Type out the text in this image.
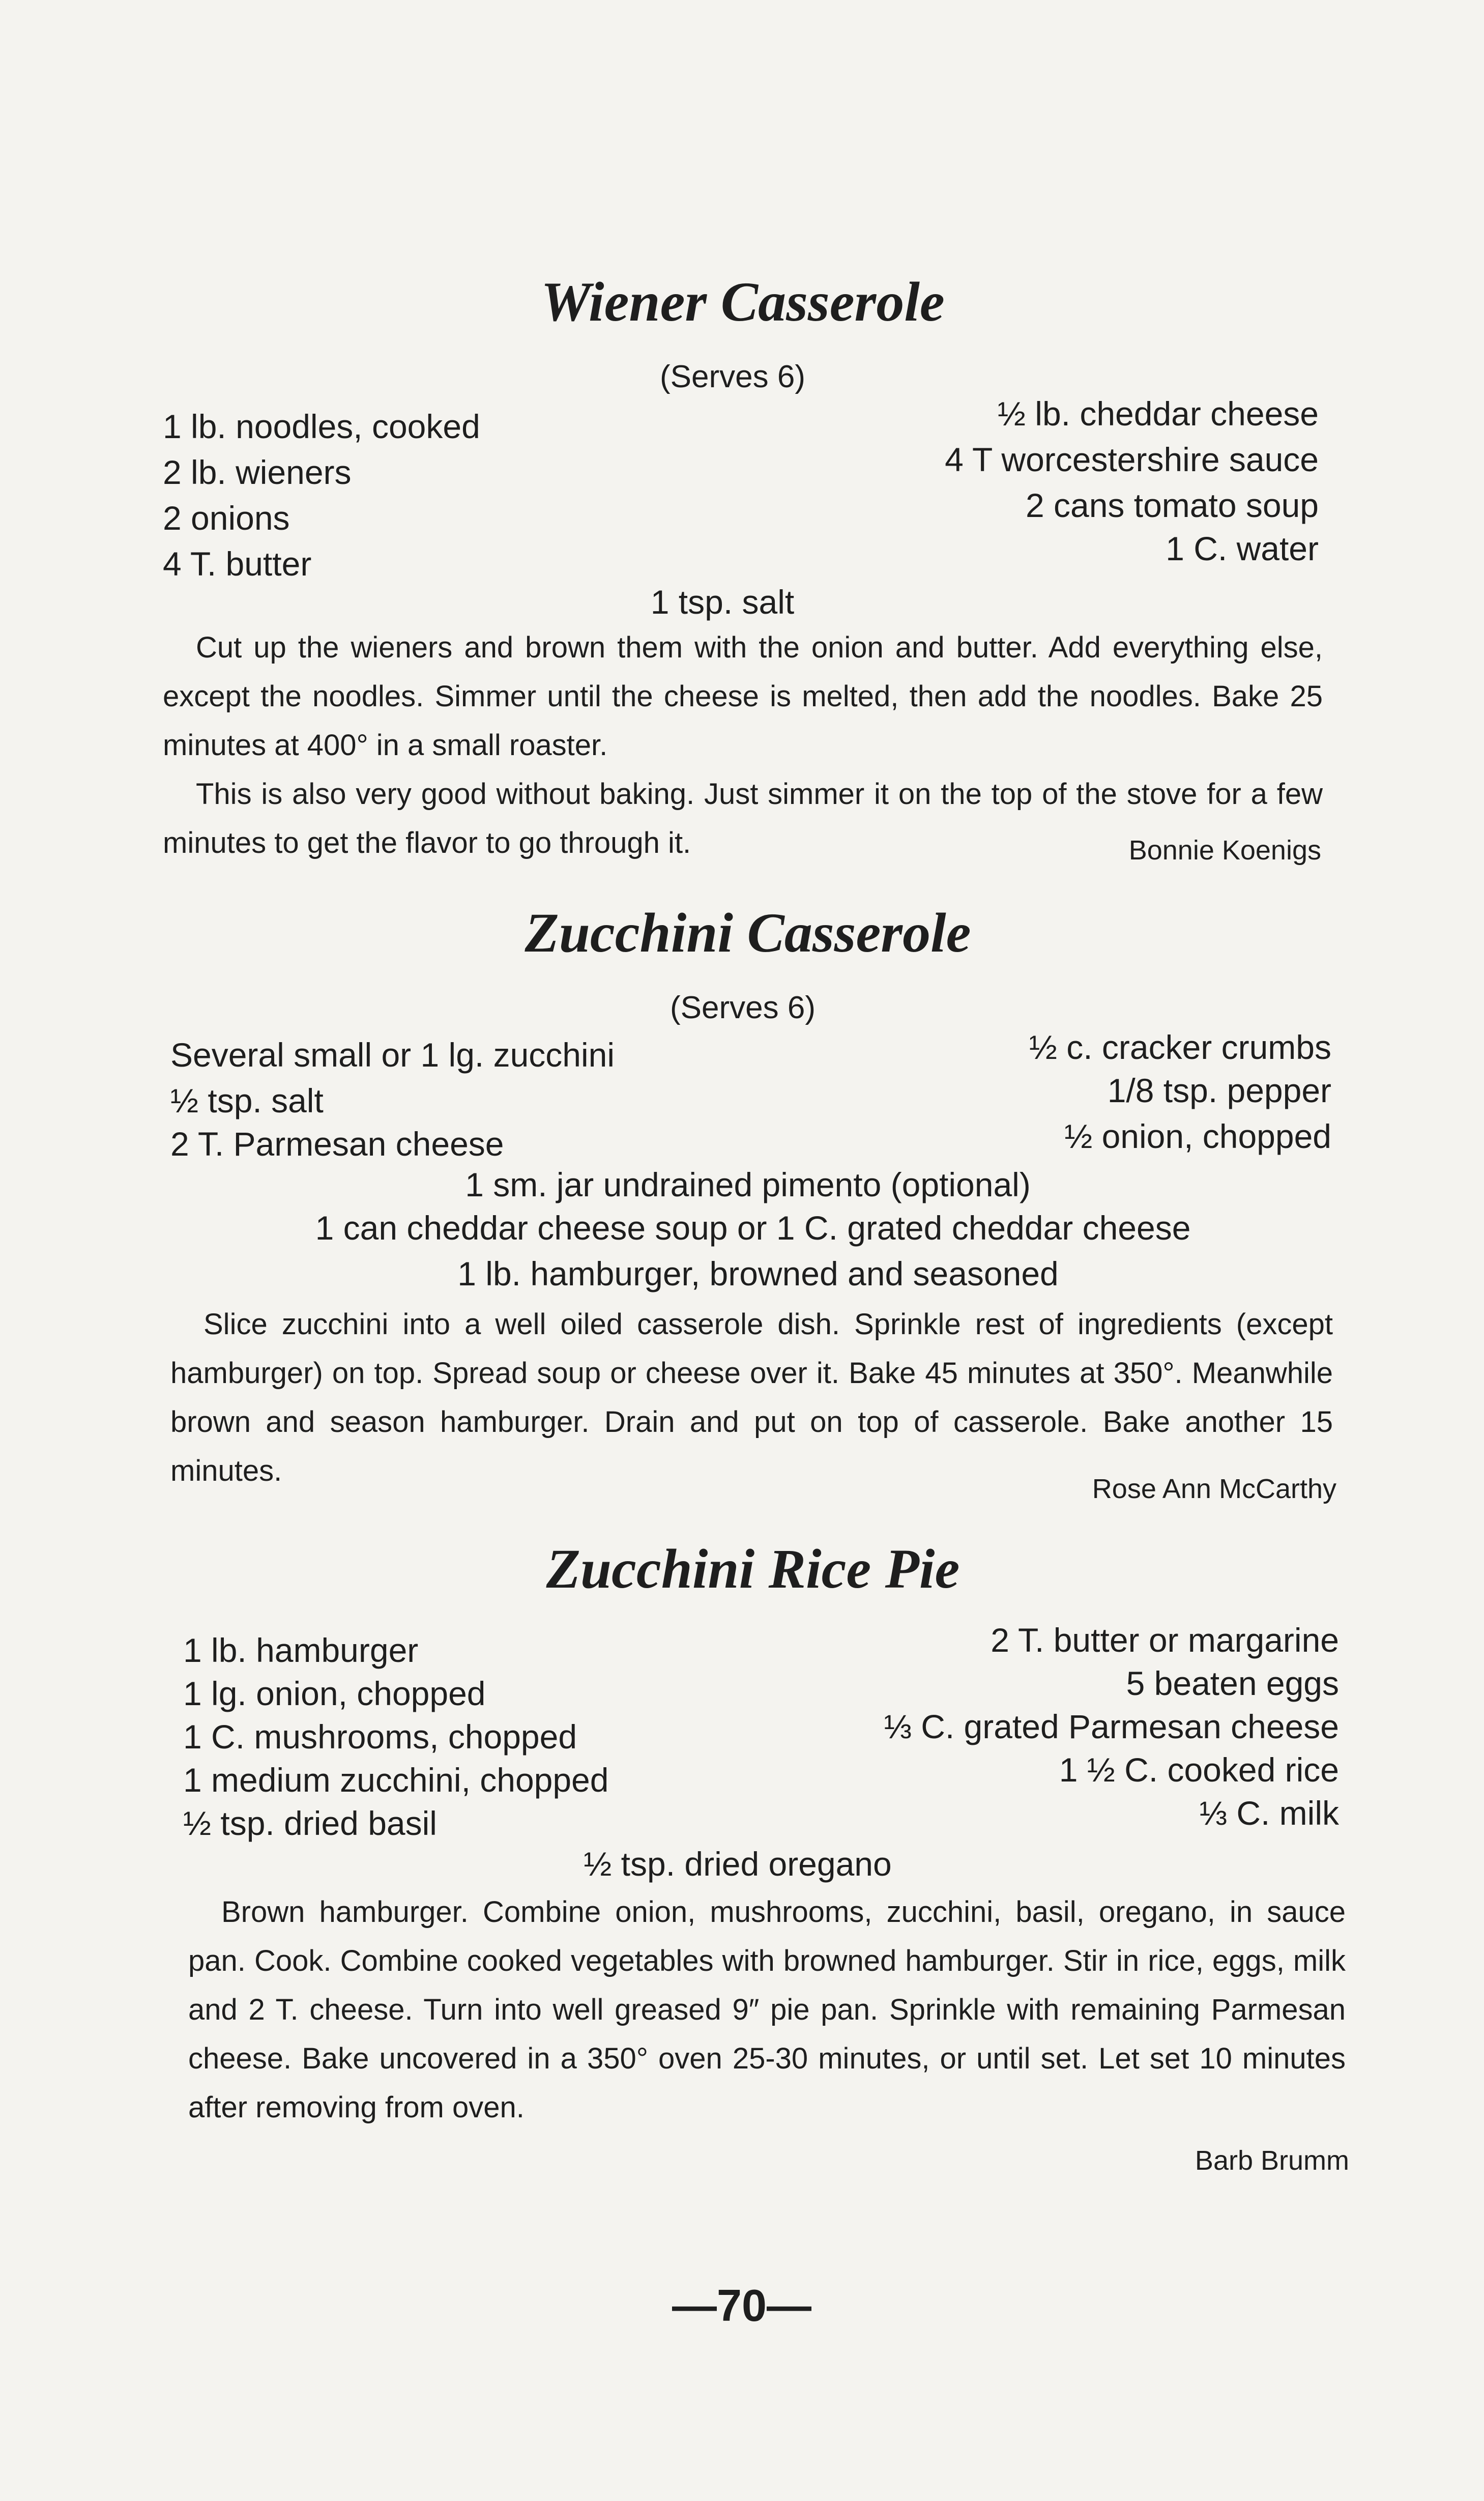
Wiener Casserole
(Serves 6)
1 lb. noodles, cooked
2 lb. wieners
2 onions
4 T. butter
½ lb. cheddar cheese
4 T worcestershire sauce
2 cans tomato soup
1 C. water
1 tsp. salt

Cut up the wieners and brown them with the onion and butter. Add everything else, except the noodles. Simmer until the cheese is melted, then add the noodles. Bake 25 minutes at 400° in a small roaster.

This is also very good without baking. Just simmer it on the top of the stove for a few minutes to get the flavor to go through it.	Bonnie Koenigs
Zucchini Casserole
(Serves 6)
Several small or 1 lg. zucchini
½ tsp. salt
2 T. Parmesan cheese
½ c. cracker crumbs
1/8 tsp. pepper
½ onion, chopped
1 sm. jar undrained pimento (optional)
1 can cheddar cheese soup or 1 C. grated cheddar cheese
1 lb. hamburger, browned and seasoned

Slice zucchini into a well oiled casserole dish. Sprinkle rest of ingredients (except hamburger) on top. Spread soup or cheese over it. Bake 45 minutes at 350°. Meanwhile brown and season hamburger. Drain and put on top of casserole. Bake another 15 minutes.

Rose Ann McCarthy
Zucchini Rice Pie
1 lb. hamburger
1 lg. onion, chopped
1 C. mushrooms, chopped
1 medium zucchini, chopped
½ tsp. dried basil
2 T. butter or margarine
5 beaten eggs
⅓ C. grated Parmesan cheese
1 ½ C. cooked rice
⅓ C. milk
½ tsp. dried oregano

Brown hamburger. Combine onion, mushrooms, zucchini, basil, oregano, in sauce pan. Cook. Combine cooked vegetables with browned hamburger. Stir in rice, eggs, milk and 2 T. cheese. Turn into well greased 9″ pie pan. Sprinkle with remaining Parmesan cheese. Bake uncovered in a 350° oven 25-30 minutes, or until set. Let set 10 minutes after removing from oven.

Barb Brumm
—70—
